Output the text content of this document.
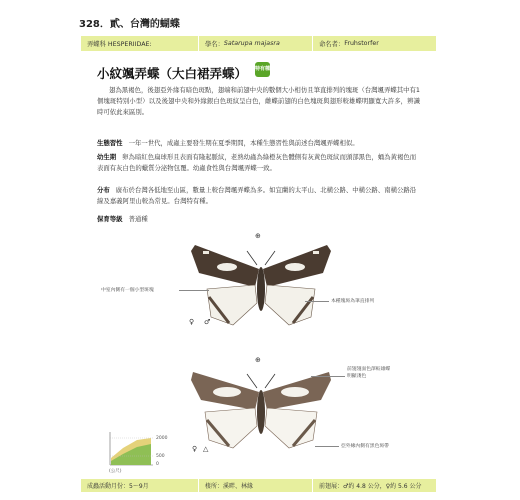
328．貳、台灣的蝴蝶
弄蝶科 HESPERIIDAE:	學名： Satarupa majasra	命名者： Fruhstorfer
小紋颯弄蝶（大白裙弄蝶） 特有種
翅為黑褐色，後翅亞外緣有暗色斑點，翅端和前翅中央的數個大小相仿且筆直排列的塊斑（台灣颯弄蝶其中有1個塊斑特別小型）以及後翅中央和外緣銀白色斑紋呈白色，雌蝶前翅的白色塊斑與翅形較雄蝶明顯寬大許多，辨識時可依此來區別。
生態習性 一年一世代，成蟲主要發生期在夏季期間，本種生態習性與前述台灣颯弄蝶相似。
幼生期 卵為暗紅色扁球形且表面有隆起脈紋，老熟幼蟲為綠橙灰色體側有灰黃色斑紋而頭部黑色，蛹為黃褐色而表面有灰白色的蠟質分泌物包覆。幼蟲食性與台灣颯弄蝶一致。
分布 廣布於台灣各低地至山區，數量上較台灣颯弄蝶為多。如宜蘭的太平山、北橫公路、中橫公路、南橫公路沿線及嘉義阿里山較為常見。台灣特有種。
保育等級 普通種
⊕
♀ ♂
中室內側有一個小型斑塊
本種塊斑為筆直排列
⊕
♀ △
前翅翅面色澤較雄蝶明顯淺色
亞外緣內側有黑色斑帶
2000
500
0
(公尺)
成蟲活動月份：5～9月	棲所：溪畔、林緣	前翅展：♂約 4.8 公分，♀約 5.6 公分
